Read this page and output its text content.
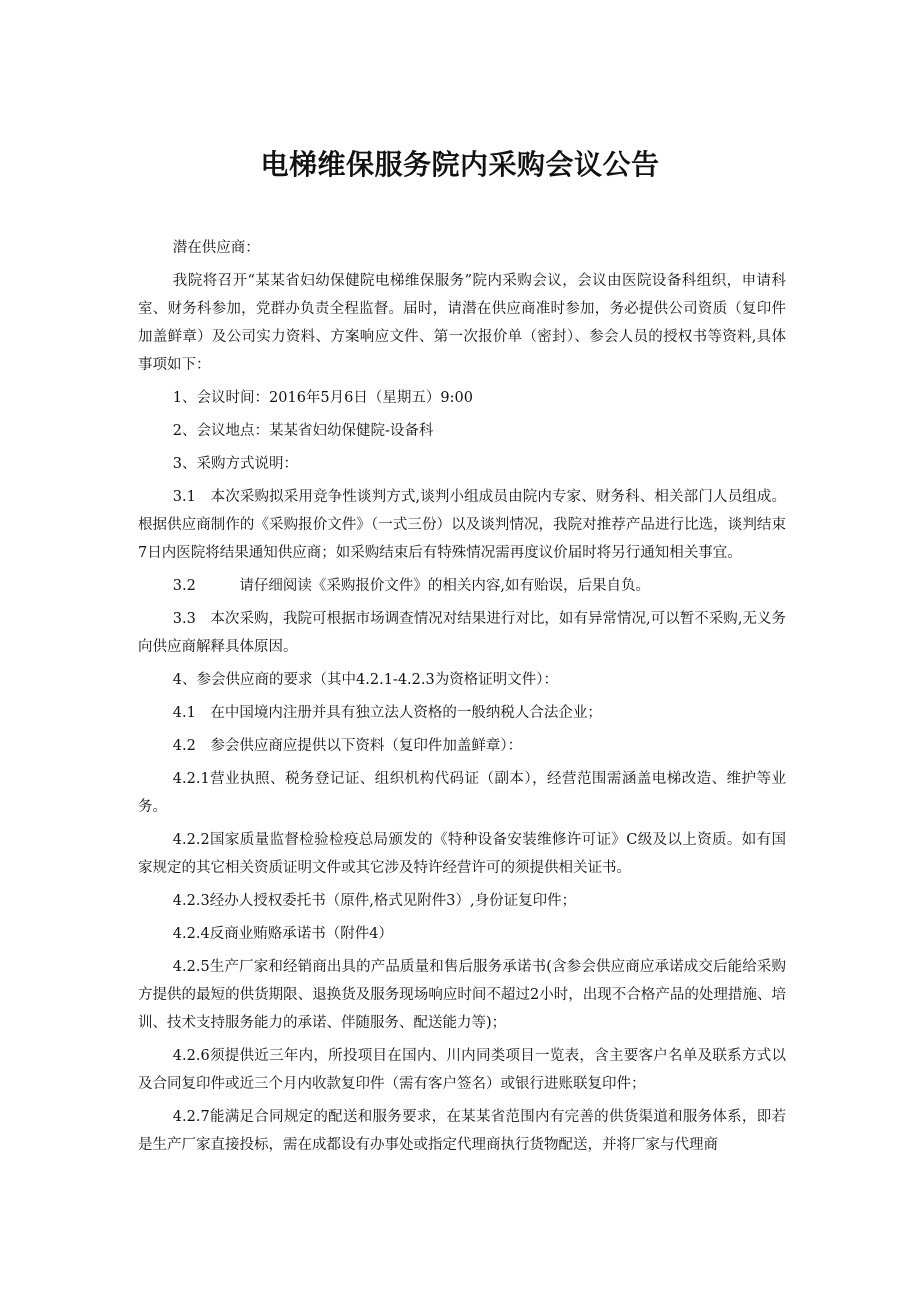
电梯维保服务院内采购会议公告

潜在供应商：

我院将召开“某某省妇幼保健院电梯维保服务”院内采购会议，会议由医院设备科组织，申请科室、财务科参加，党群办负责全程监督。届时，请潜在供应商准时参加，务必提供公司资质（复印件加盖鲜章）及公司实力资料、方案响应文件、第一次报价单（密封）、参会人员的授权书等资料,具体事项如下：

1、会议时间：2016年5月6日（星期五）9:00

2、会议地点：某某省妇幼保健院-设备科

3、采购方式说明：

3.1　本次采购拟采用竞争性谈判方式,谈判小组成员由院内专家、财务科、相关部门人员组成。根据供应商制作的《采购报价文件》（一式三份）以及谈判情况，我院对推荐产品进行比选，谈判结束7日内医院将结果通知供应商；如采购结束后有特殊情况需再度议价届时将另行通知相关事宜。

3.2　　　请仔细阅读《采购报价文件》的相关内容,如有贻误，后果自负。

3.3　本次采购，我院可根据市场调查情况对结果进行对比，如有异常情况,可以暂不采购,无义务向供应商解释具体原因。

4、参会供应商的要求（其中4.2.1-4.2.3为资格证明文件）：

4.1　在中国境内注册并具有独立法人资格的一般纳税人合法企业；

4.2　参会供应商应提供以下资料（复印件加盖鲜章）：

4.2.1营业执照、税务登记证、组织机构代码证（副本），经营范围需涵盖电梯改造、维护等业务。

4.2.2国家质量监督检验检疫总局颁发的《特种设备安装维修许可证》C级及以上资质。如有国家规定的其它相关资质证明文件或其它涉及特许经营许可的须提供相关证书。

4.2.3经办人授权委托书（原件,格式见附件3）,身份证复印件；

4.2.4反商业贿赂承诺书（附件4）

4.2.5生产厂家和经销商出具的产品质量和售后服务承诺书(含参会供应商应承诺成交后能给采购方提供的最短的供货期限、退换货及服务现场响应时间不超过2小时，出现不合格产品的处理措施、培训、技术支持服务能力的承诺、伴随服务、配送能力等)；

4.2.6须提供近三年内，所投项目在国内、川内同类项目一览表，含主要客户名单及联系方式以及合同复印件或近三个月内收款复印件（需有客户签名）或银行进账联复印件；

4.2.7能满足合同规定的配送和服务要求，在某某省范围内有完善的供货渠道和服务体系，即若是生产厂家直接投标，需在成都设有办事处或指定代理商执行货物配送，并将厂家与代理商
